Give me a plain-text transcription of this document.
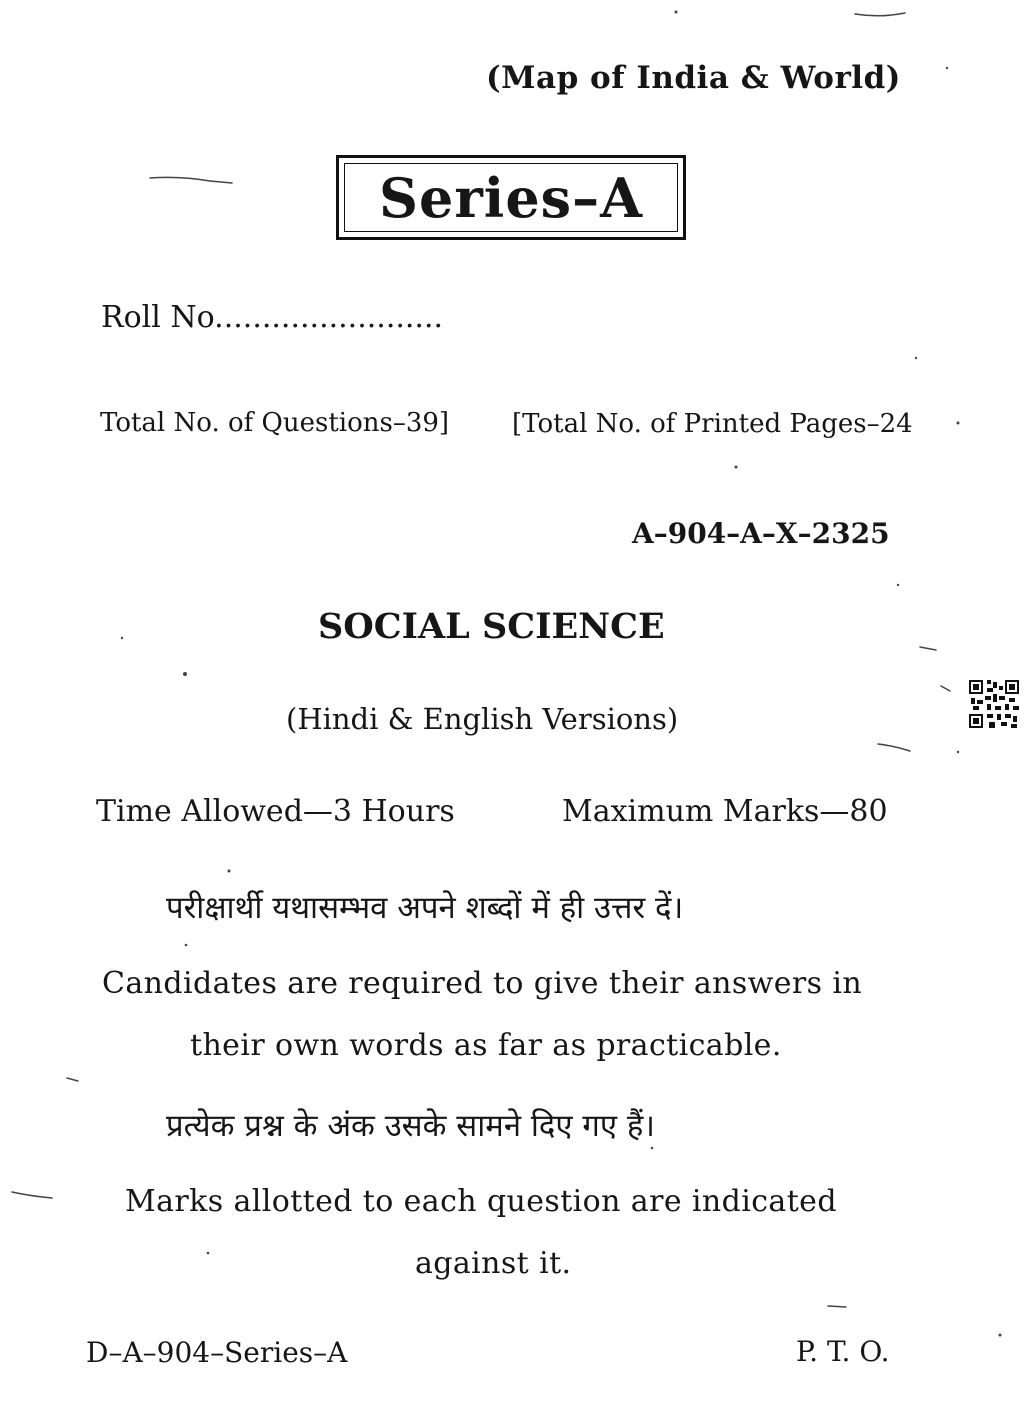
(Map of India & World)
Series–A
Roll No........................
Total No. of Questions–39] [Total No. of Printed Pages–24
A–904–A–X–2325
SOCIAL SCIENCE
(Hindi & English Versions)
Time Allowed—3 Hours	Maximum Marks—80
परीक्षार्थी यथासम्भव अपने शब्दों में ही उत्तर दें।
Candidates are required to give their answers in
their own words as far as practicable.
प्रत्येक प्रश्न के अंक उसके सामने दिए गए हैं।
Marks allotted to each question are indicated
against it.
D–A–904–Series–A	P. T. O.
